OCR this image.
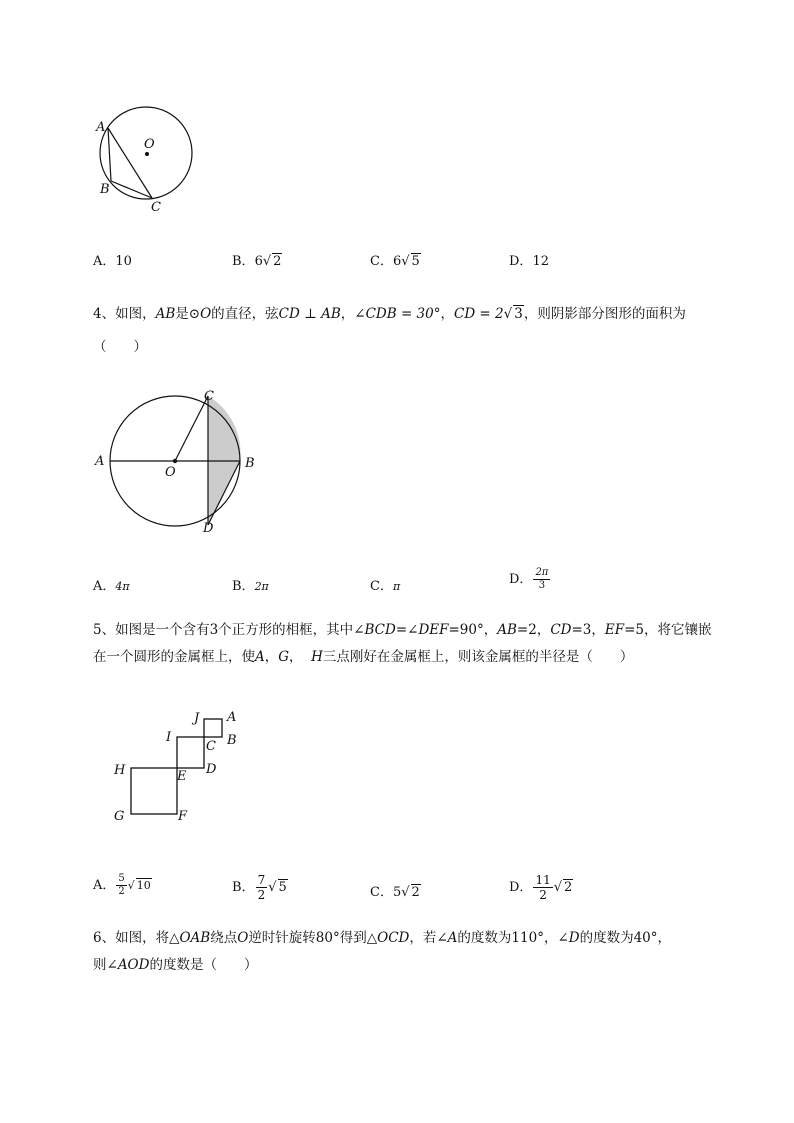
A
O
B
C
A．10	B．6√ 2	C．6√ 5	D．12
4、如图，AB是⊙O的直径，弦CD ⊥ AB，∠CDB = 30°，CD = 2√ 3，则阴影部分图形的面积为
（　　）
A
O
C
B
D
A．4π	B．2π	C．π	D． $\frac{2\pi}{3}$
5、如图是一个含有3个正方形的相框，其中∠BCD=∠DEF=90°，AB=2，CD=3，EF=5，将它镶嵌
在一个圆形的金属框上，使A，G，  H三点刚好在金属框上，则该金属框的半径是（　　）
J A
I
C B
H	E D
G	F
A． $\frac{5}{2}$ √ 10	B． $\frac{7}{2}$ √ 5	C．5√ 2	D． $\frac{11}{2}$ √ 2
6、如图，将△OAB绕点O逆时针旋转80°得到△OCD，若∠A的度数为110°，∠D的度数为40°，
则∠AOD的度数是（　　）
